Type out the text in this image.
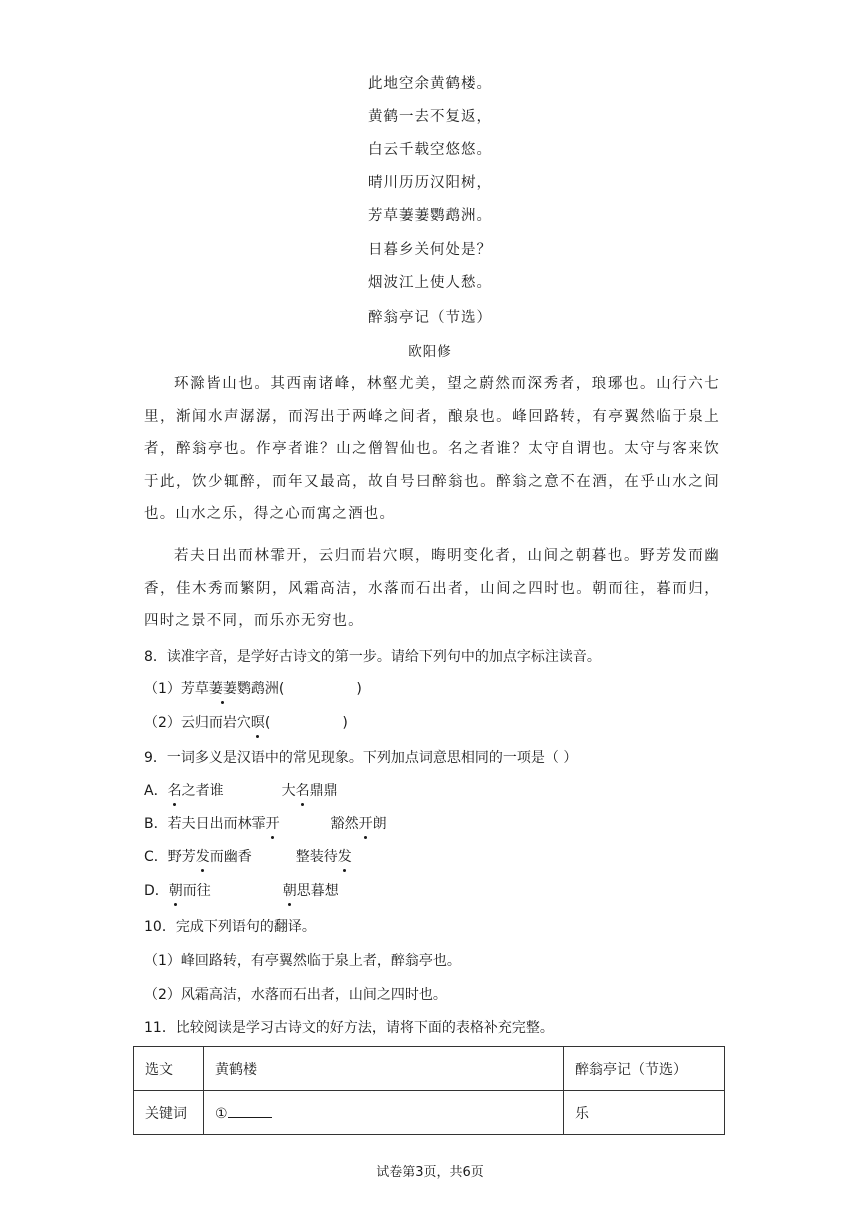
此地空余黄鹤楼。
黄鹤一去不复返，
白云千载空悠悠。
晴川历历汉阳树，
芳草萋萋鹦鹉洲。
日暮乡关何处是？
烟波江上使人愁。
醉翁亭记（节选）
欧阳修

环滁皆山也。其西南诸峰，林壑尤美，望之蔚然而深秀者，琅琊也。山行六七里，渐闻水声潺潺，而泻出于两峰之间者，酿泉也。峰回路转，有亭翼然临于泉上者，醉翁亭也。作亭者谁？山之僧智仙也。名之者谁？太守自谓也。太守与客来饮于此，饮少辄醉，而年又最高，故自号曰醉翁也。醉翁之意不在酒，在乎山水之间也。山水之乐，得之心而寓之酒也。

若夫日出而林霏开，云归而岩穴暝，晦明变化者，山间之朝暮也。野芳发而幽香，佳木秀而繁阴，风霜高洁，水落而石出者，山间之四时也。朝而往，暮而归，四时之景不同，而乐亦无穷也。

8．读准字音，是学好古诗文的第一步。请给下列句中的加点字标注读音。
（1）芳草萋萋鹦鹉洲(	)
（2）云归而岩穴暝(	)
9．一词多义是汉语中的常见现象。下列加点词意思相同的一项是（ ）
A．名之者谁	大名鼎鼎
B．若夫日出而林霏开	豁然开朗
C．野芳发而幽香	整装待发
D．朝而往	朝思暮想
10．完成下列语句的翻译。
（1）峰回路转，有亭翼然临于泉上者，醉翁亭也。
（2）风霜高洁，水落而石出者，山间之四时也。
11．比较阅读是学习古诗文的好方法，请将下面的表格补充完整。
选文	黄鹤楼	醉翁亭记（节选）
关键词	①	乐
试卷第3页，共6页
